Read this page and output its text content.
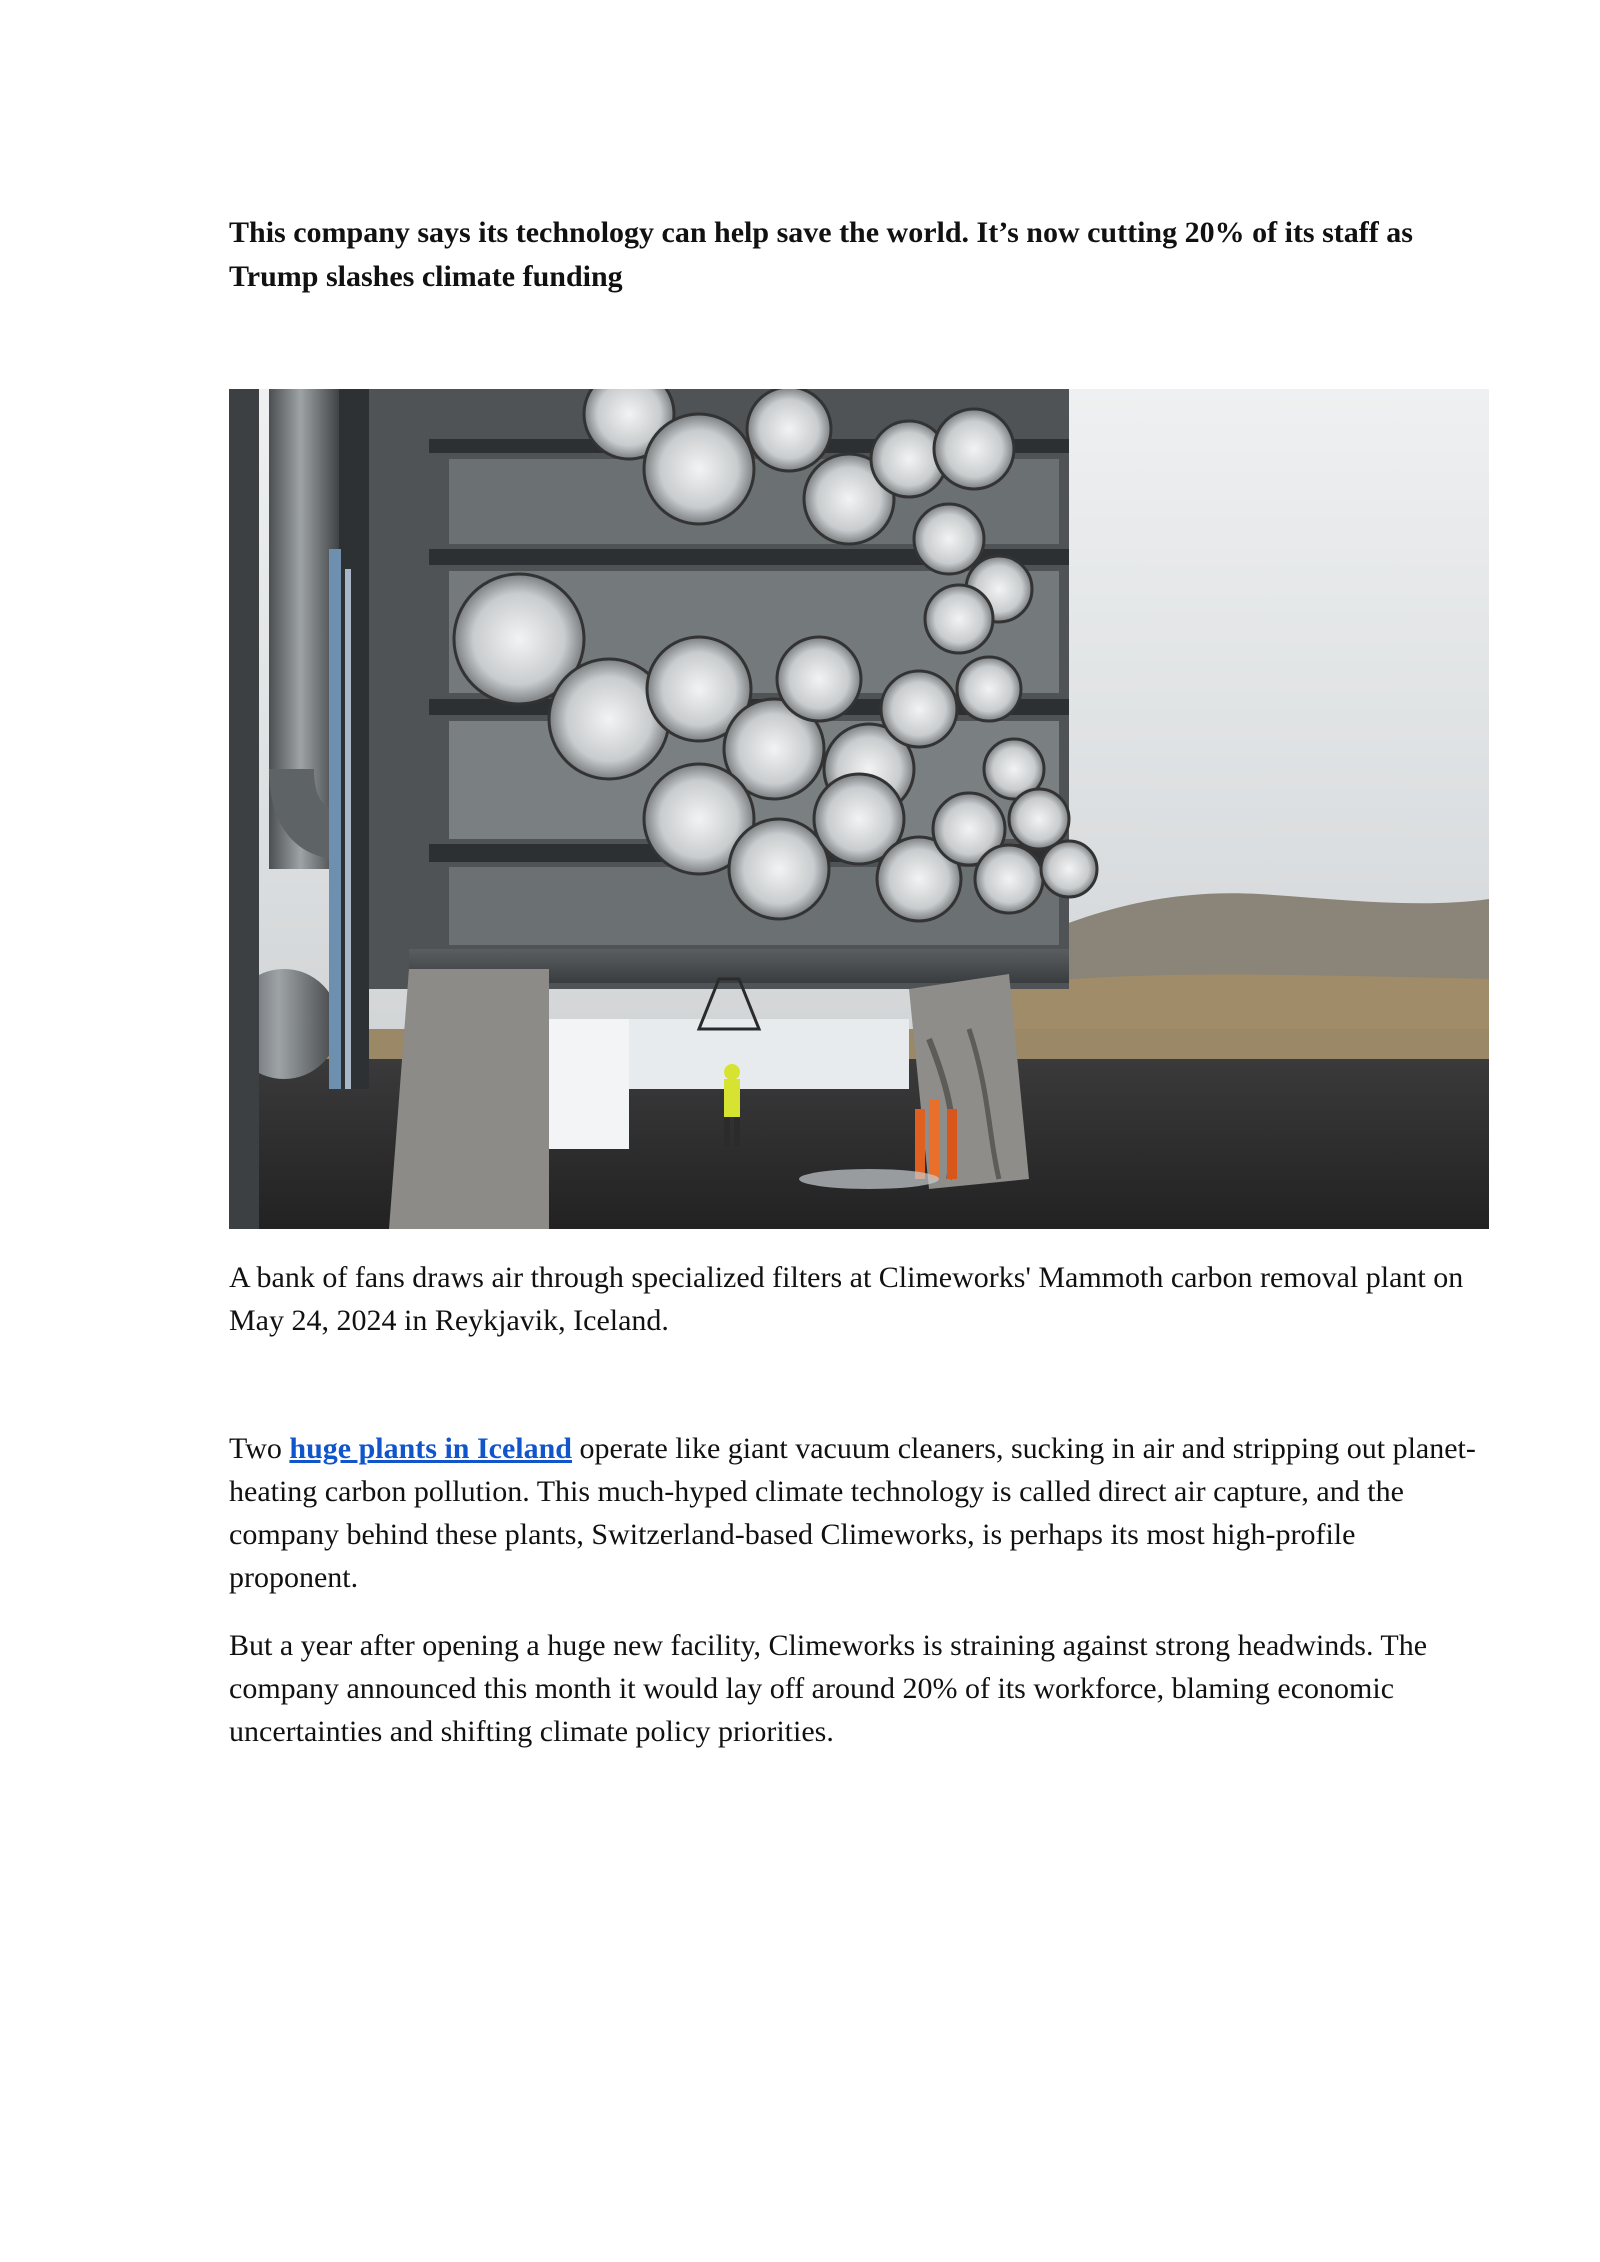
This company says its technology can help save the world. It’s now cutting 20% of its staff as Trump slashes climate funding

A bank of fans draws air through specialized filters at Climeworks' Mammoth carbon removal plant on May 24, 2024 in Reykjavik, Iceland.

Two huge plants in Iceland operate like giant vacuum cleaners, sucking in air and stripping out planet-heating carbon pollution. This much-hyped climate technology is called direct air capture, and the company behind these plants, Switzerland-based Climeworks, is perhaps its most high-profile proponent.

But a year after opening a huge new facility, Climeworks is straining against strong headwinds. The company announced this month it would lay off around 20% of its workforce, blaming economic uncertainties and shifting climate policy priorities.
